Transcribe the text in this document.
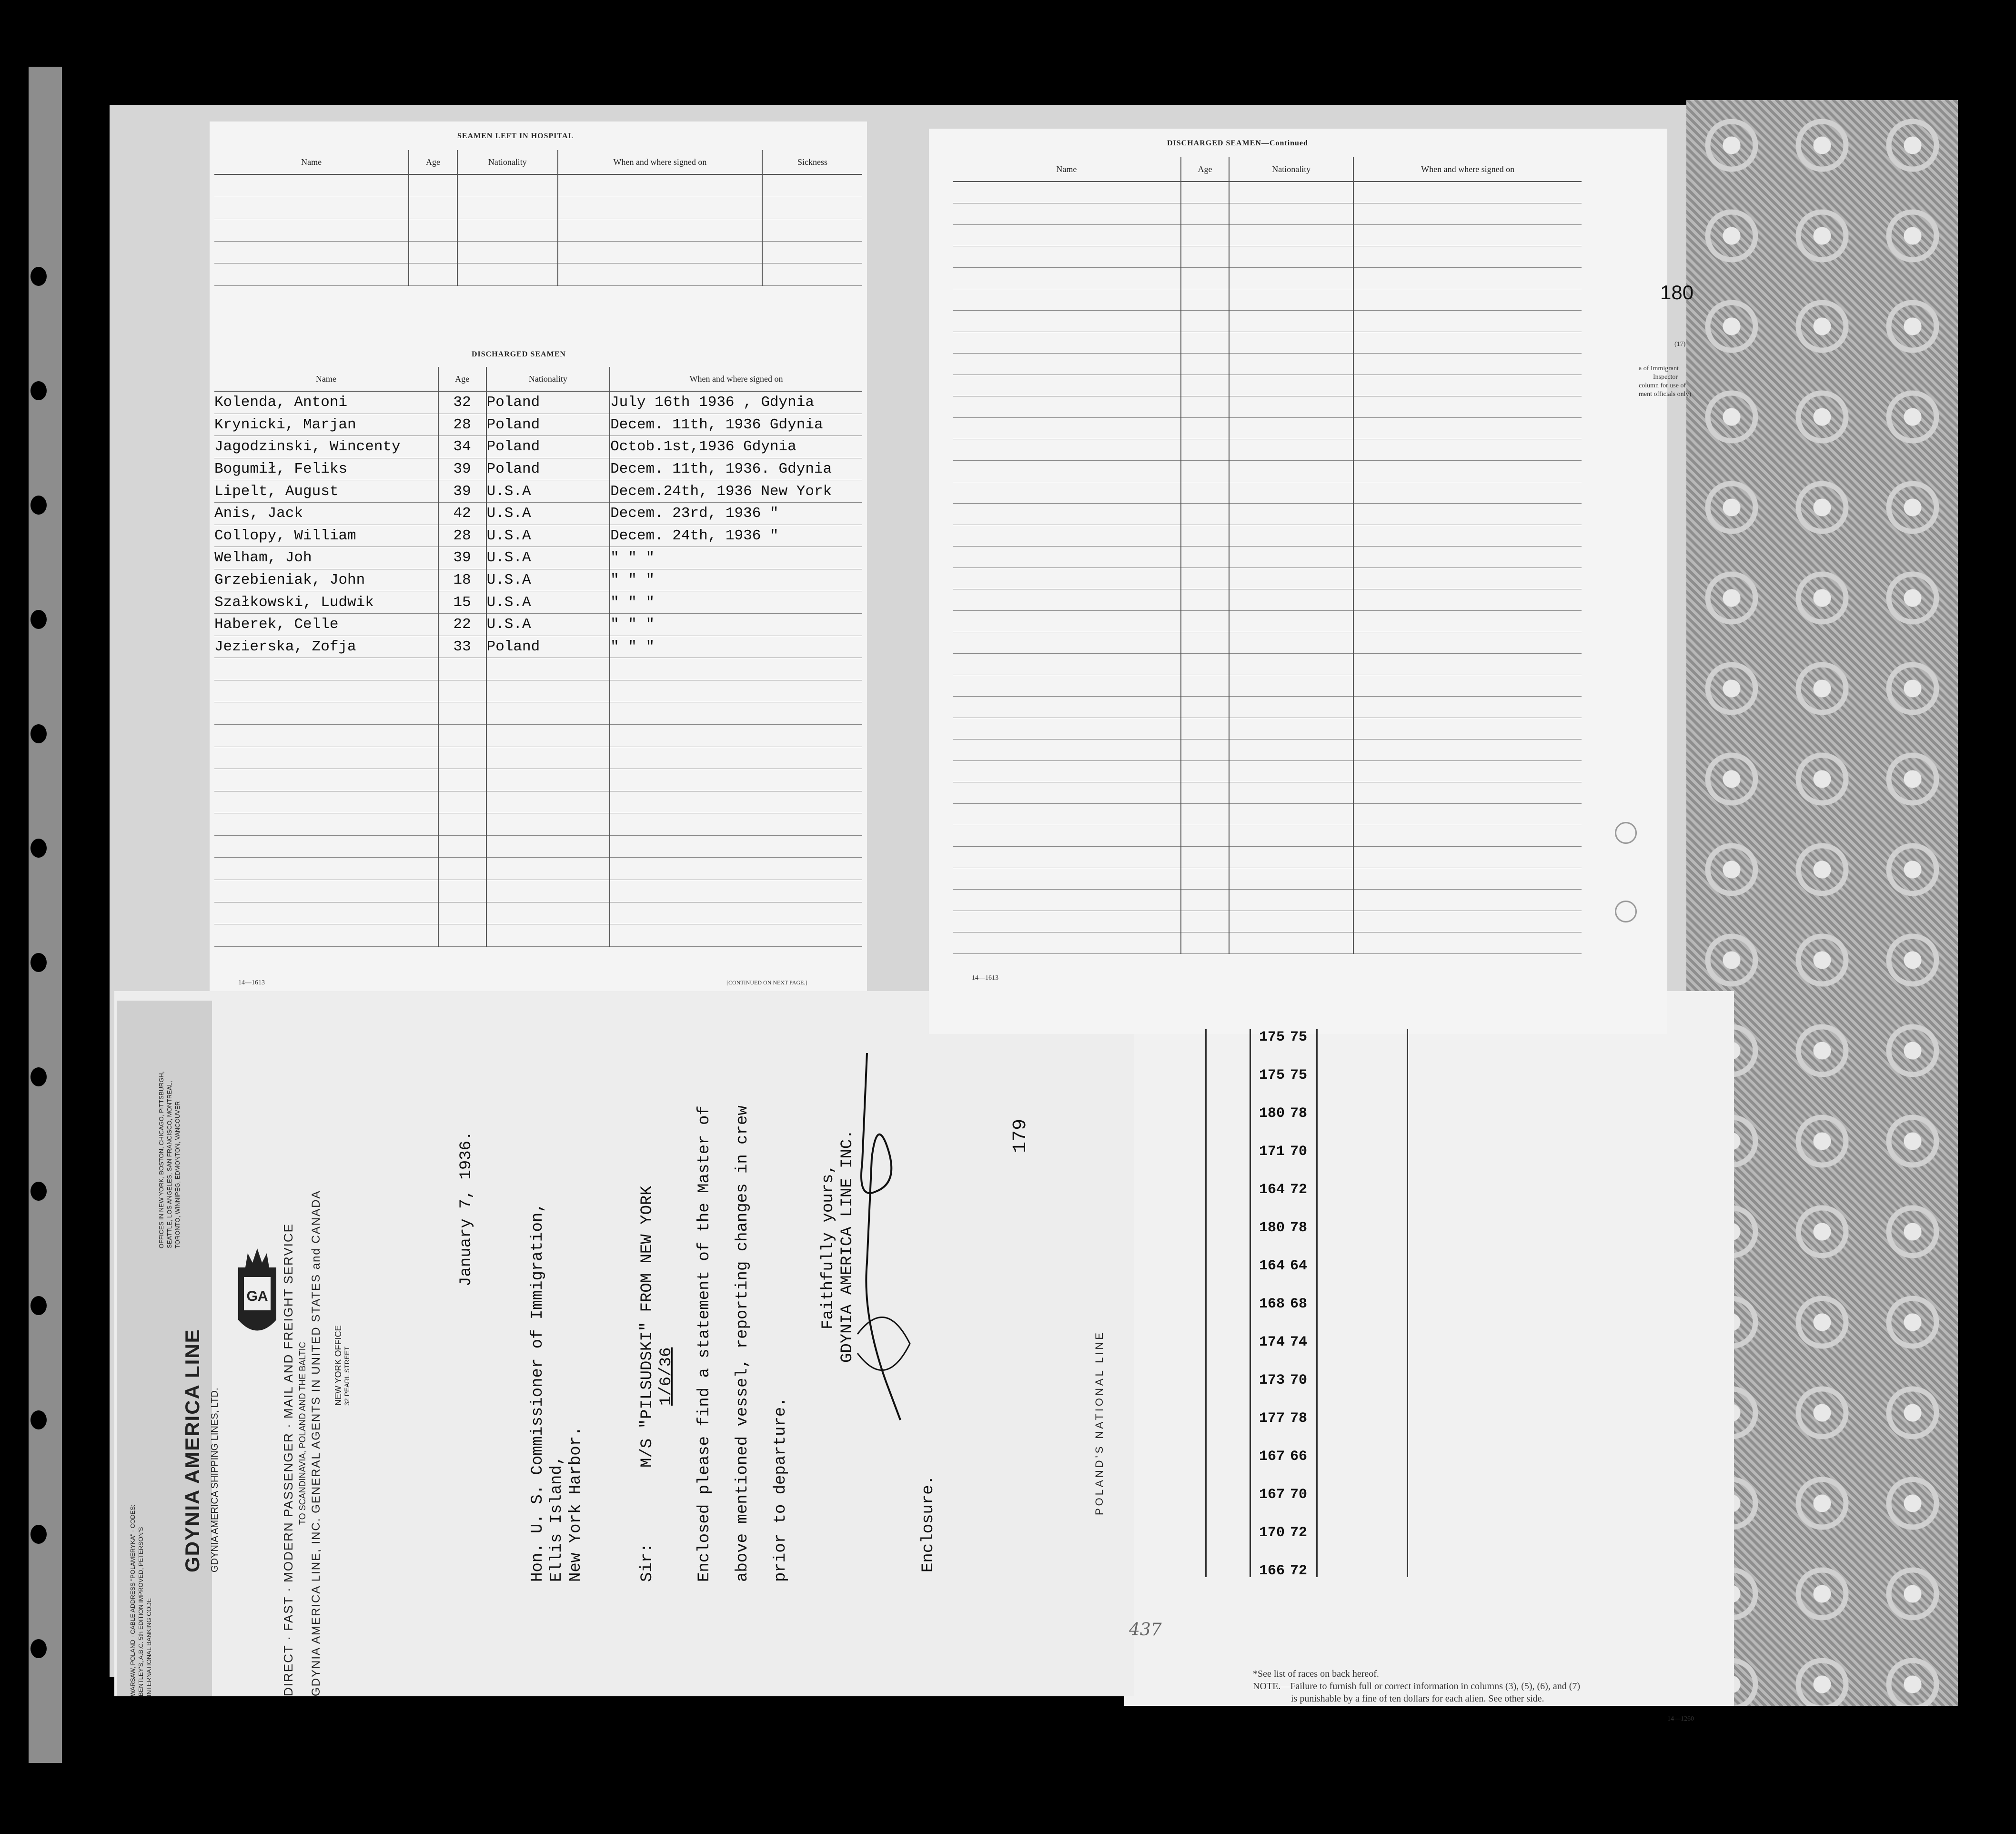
SEAMEN LEFT IN HOSPITAL
Name	Age	Nationality	When and where signed on	Sickness

DISCHARGED SEAMEN
Name	Age	Nationality	When and where signed on
Kolenda, Antoni	32	Poland	July 16th 1936 , Gdynia
Krynicki, Marjan	28	Poland	Decem. 11th, 1936 Gdynia
Jagodzinski, Wincenty	34	Poland	Octob.1st,1936 Gdynia
Bogumił, Feliks	39	Poland	Decem. 11th, 1936. Gdynia
Lipelt, August	39	U.S.A	Decem.24th, 1936 New York
Anis, Jack	42	U.S.A	Decem. 23rd, 1936 "
Collopy, William	28	U.S.A	Decem. 24th, 1936 "
Welham, Joh	39	U.S.A	" " "
Grzebieniak, John	18	U.S.A	" " "
Szałkowski, Ludwik	15	U.S.A	" " "
Haberek, Celle	22	U.S.A	" " "
Jezierska, Zofja	33	Poland	" " "

14—1613	[CONTINUED ON NEXT PAGE.]
DISCHARGED SEAMEN—Continued
Name	Age	Nationality	When and where signed on

14—1613
180
(17)
a of Immigrant
Inspector
column for use of
ment officials only)
175 75
175 75
180 78
171 70
164 72
180 78
164 64
168 68
174 74
173 70
177 78
167 66
167 70
170 72
166 72
*See list of races on back hereof.
NOTE.—Failure to furnish full or correct information in columns (3), (5), (6), and (7)
is punishable by a fine of ten dollars for each alien. See other side.
14—1260
437
GDYNIA AMERICA LINE GDYNIA AMERICA SHIPPING LINES, LTD.	DIRECT · FAST · MODERN PASSENGER · MAIL AND FREIGHT SERVICE TO SCANDINAVIA, POLAND AND THE BALTIC GDYNIA AMERICA LINE, INC. GENERAL AGENTS IN UNITED STATES and CANADA NEW YORK OFFICE 32 PEARL STREET
OFFICES IN NEW YORK, BOSTON, CHICAGO, PITTSBURGH, SEATTLE, LOS ANGELES, SAN FRANCISCO, MONTREAL, TORONTO, WINNIPEG, EDMONTON, VANCOUVER
WARSAW, POLAND · CABLE ADDRESS "POLAMERYKA" · CODES: BENTLEY'S, A.B.C. 5th EDITION IMPROVED, PETERSON'S INTERNATIONAL BANKING CODE
POLAND'S NATIONAL LINE
GA
January 7, 1936.	Hon. U. S. Commissioner of Immigration, Ellis Island, New York Harbor.	Sir:
M/S "PILSUDSKI" FROM NEW YORK 1/6/36 Enclosed please find a statement of the Master of above mentioned vessel, reporting changes in crew prior to departure.
Faithfully yours, GDYNIA AMERICA LINE INC.
Enclosure.
179
